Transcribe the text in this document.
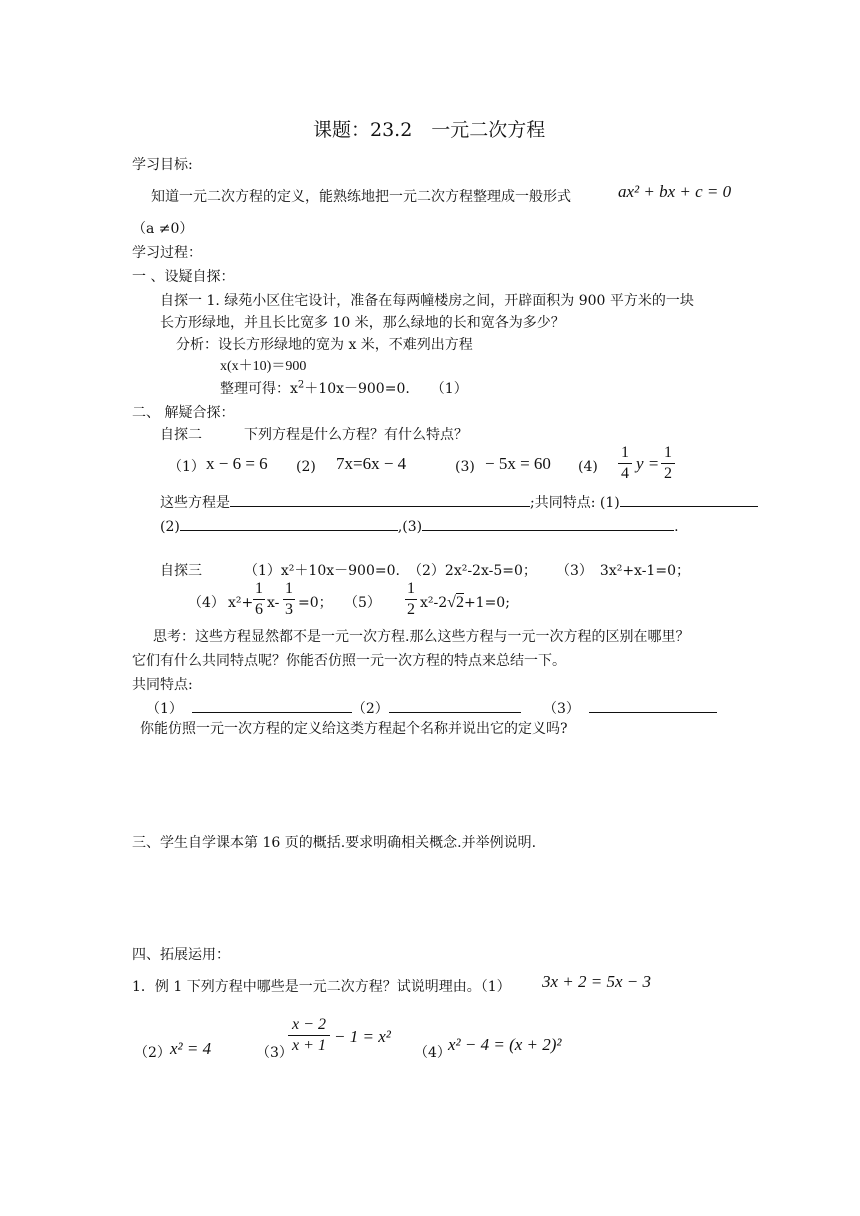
课题：23.2　一元二次方程
学习目标:
知道一元二次方程的定义，能熟练地把一元二次方程整理成一般形式	ax² + bx + c = 0
（a ≠0）
学习过程：
一 、设疑自探：
自探一 1. 绿苑小区住宅设计，准备在每两幢楼房之间，开辟面积为 900 平方米的一块
长方形绿地，并且长比宽多 10 米，那么绿地的长和宽各为多少？
分析：设长方形绿地的宽为 x 米，不难列出方程
x(x＋10)＝900
整理可得：$x^2+10x-900=0$.　　（1）
二、 解疑合探：
自探二	下列方程是什么方程？有什么特点？
（1） x − 6 = 6 (2) 7x=6x − 4	(3) − 5x = 60 (4)
1
4
y =
1
2
这些方程是	;共同特点: (1)
(2)	,(3)	.
自探三	（1）x²＋10x－900=0. （2）2x²-2x-5=0； （3）　3x²+x-1=0；
（4） x²+
1
6 x-
1
3 =0； （5）
1
2 x²-2√2+1=0;
思考：这些方程显然都不是一元一次方程.那么这些方程与一元一次方程的区别在哪里？
它们有什么共同特点呢？你能否仿照一元一次方程的特点来总结一下。
共同特点:
（1）	（2）	（3）
你能仿照一元一次方程的定义给这类方程起个名称并说出它的定义吗?
三、学生自学课本第 16 页的概括.要求明确相关概念.并举例说明.
四、拓展运用：
1．例 1 下列方程中哪些是一元二次方程？试说明理由。（1） 3x + 2 = 5x − 3
（2） x² = 4	（3）
x − 2
x + 1 − 1 = x²
（4）
x² − 4 = (x + 2)²
